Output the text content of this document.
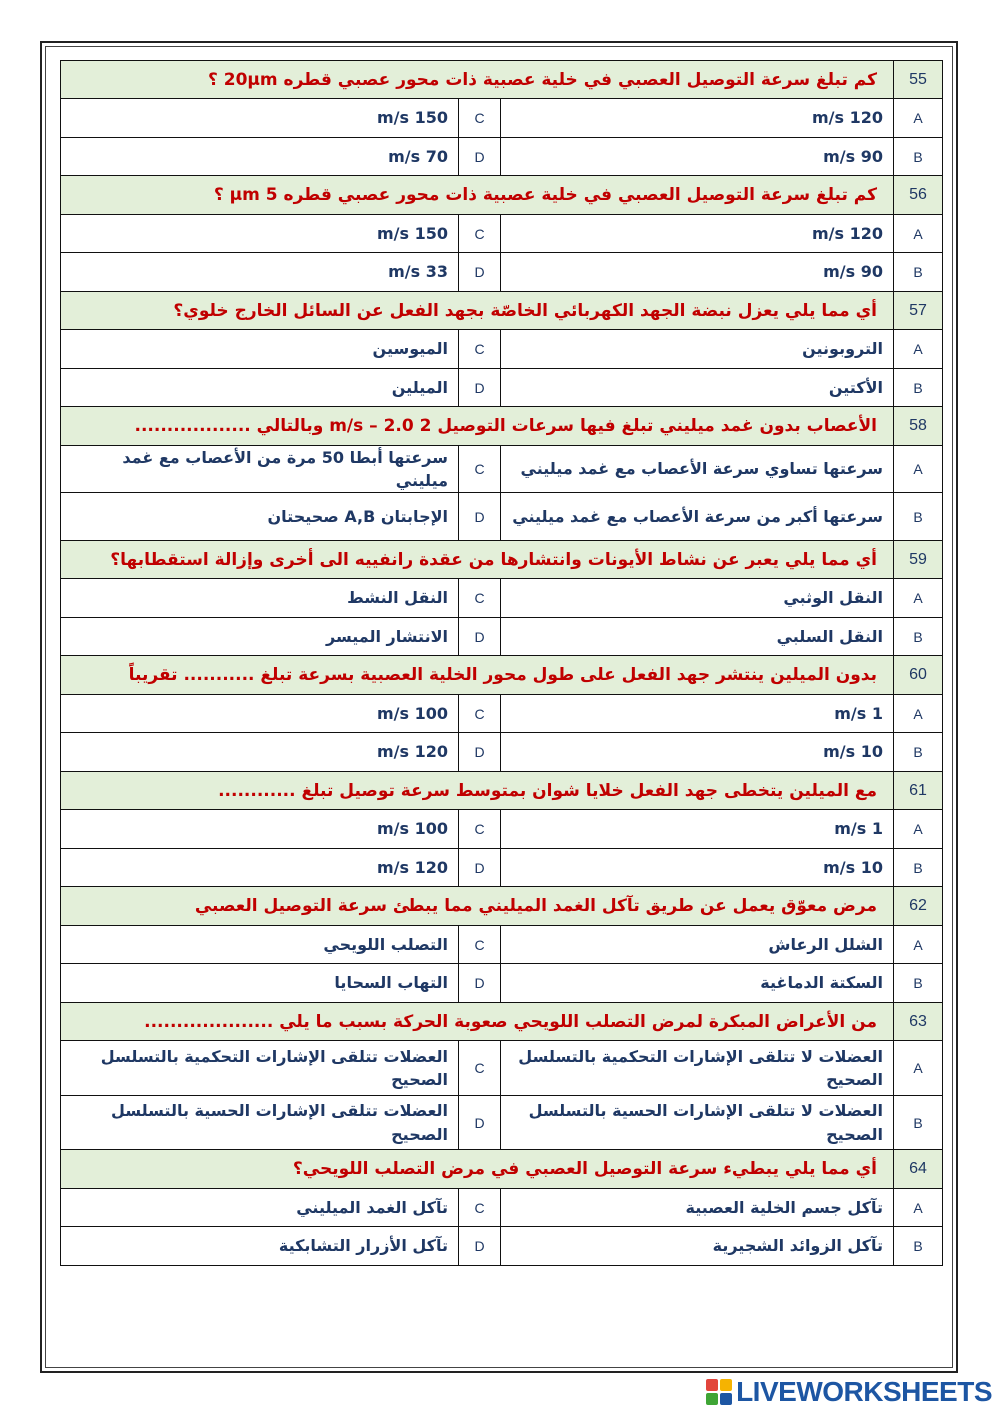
55
كم تبلغ سرعة التوصيل العصبي في خلية عصبية ذات محور عصبي قطره 20µm ؟
A
120 m/s
C
150 m/s
B
90 m/s
D
70 m/s
56
كم تبلغ سرعة التوصيل العصبي في خلية عصبية ذات محور عصبي قطره 5 µm ؟
A
120 m/s
C
150 m/s
B
90 m/s
D
33 m/s
57
أي مما يلي يعزل نبضة الجهد الكهربائي الخاصّة بجهد الفعل عن السائل الخارج خلوي؟
A
التروبونين
C
الميوسين
B
الأكتين
D
الميلين
58
الأعصاب بدون غمد ميليني تبلغ فيها سرعات التوصيل 2 m/s – 2.0 وبالتالي ..................
A
سرعتها تساوي سرعة الأعصاب مع غمد ميليني
C
سرعتها أبطا 50 مرة من الأعصاب مع غمد ميليني
B
سرعتها أكبر من سرعة الأعصاب مع غمد ميليني
D
الإجابتان A,B صحيحتان
59
أي مما يلي يعبر عن نشاط الأيونات وانتشارها من عقدة رانفييه الى أخرى وإزالة استقطابها؟
A
النقل الوثبي
C
النقل النشط
B
النقل السلبي
D
الانتشار الميسر
60
بدون الميلين ينتشر جهد الفعل على طول محور الخلية العصبية بسرعة تبلغ ........... تقريباً
A
1 m/s
C
100 m/s
B
10 m/s
D
120 m/s
61
مع الميلين يتخطى جهد الفعل خلايا شوان بمتوسط سرعة توصيل تبلغ ............
A
1 m/s
C
100 m/s
B
10 m/s
D
120 m/s
62
مرض معوّق يعمل عن طريق تآكل الغمد الميليني مما يبطئ سرعة التوصيل العصبي
A
الشلل الرعاش
C
التصلب اللويحي
B
السكتة الدماغية
D
التهاب السحايا
63
من الأعراض المبكرة لمرض التصلب اللويحي صعوبة الحركة بسبب ما يلي ....................
A
العضلات لا تتلقى الإشارات التحكمية بالتسلسل الصحيح
C
العضلات تتلقى الإشارات التحكمية بالتسلسل الصحيح
B
العضلات لا تتلقى الإشارات الحسية بالتسلسل الصحيح
D
العضلات تتلقى الإشارات الحسية بالتسلسل الصحيح
64
أي مما يلي يبطيء سرعة التوصيل العصبي في مرض التصلب اللويحي؟
A
تآكل جسم الخلية العصبية
C
تآكل الغمد الميليني
B
تآكل الزوائد الشجيرية
D
تآكل الأزرار التشابكية
LIVEWORKSHEETS
